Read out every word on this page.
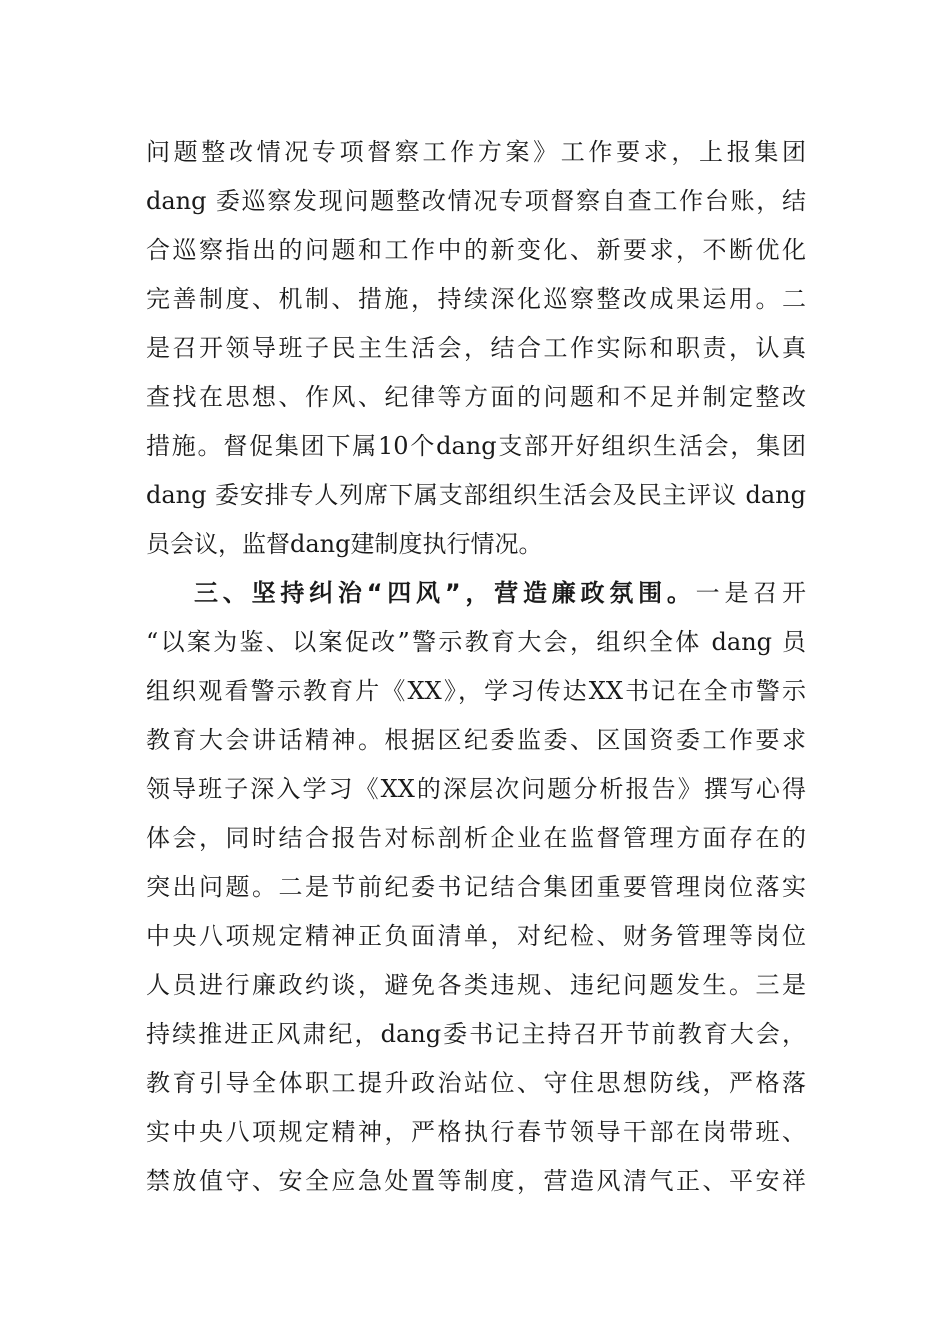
问题整改情况专项督察工作方案》工作要求，上报集团
dang 委巡察发现问题整改情况专项督察自查工作台账，结
合巡察指出的问题和工作中的新变化、新要求，不断优化
完善制度、机制、措施，持续深化巡察整改成果运用。二
是召开领导班子民主生活会，结合工作实际和职责，认真
查找在思想、作风、纪律等方面的问题和不足并制定整改
措施。督促集团下属10个dang支部开好组织生活会，集团
dang 委安排专人列席下属支部组织生活会及民主评议 dang
员会议，监督dang建制度执行情况。
三、坚持纠治“四风”，营造廉政氛围。一是召开
“以案为鉴、以案促改”警示教育大会，组织全体 dang 员
组织观看警示教育片《XX》，学习传达XX书记在全市警示
教育大会讲话精神。根据区纪委监委、区国资委工作要求
领导班子深入学习《XX的深层次问题分析报告》撰写心得
体会，同时结合报告对标剖析企业在监督管理方面存在的
突出问题。二是节前纪委书记结合集团重要管理岗位落实
中央八项规定精神正负面清单，对纪检、财务管理等岗位
人员进行廉政约谈，避免各类违规、违纪问题发生。三是
持续推进正风肃纪，dang委书记主持召开节前教育大会，
教育引导全体职工提升政治站位、守住思想防线，严格落
实中央八项规定精神，严格执行春节领导干部在岗带班、
禁放值守、安全应急处置等制度，营造风清气正、平安祥
